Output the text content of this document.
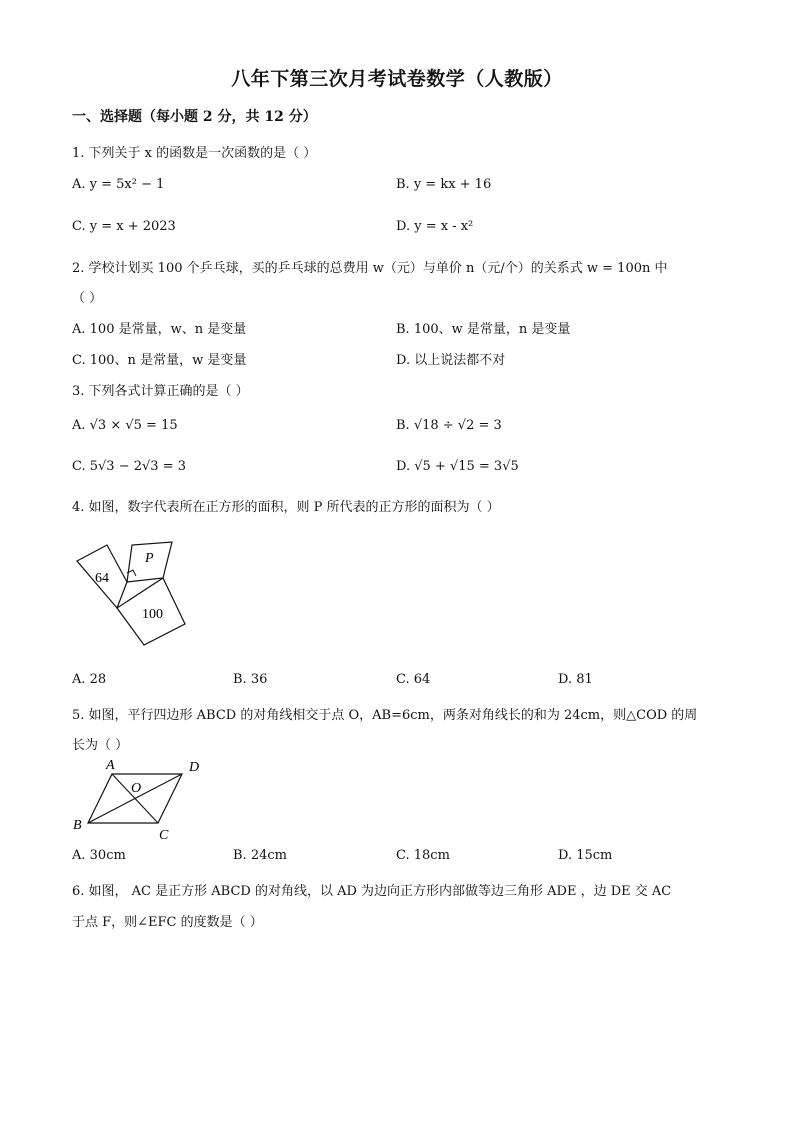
八年下第三次月考试卷数学（人教版）
一、选择题（每小题 2 分，共 12 分）
1. 下列关于 x 的函数是一次函数的是（ ）
A. y = 5x² − 1	B. y = kx + 16
C. y = x + 2023	D. y = x - x²
2. 学校计划买 100 个乒乓球，买的乒乓球的总费用 w（元）与单价 n（元/个）的关系式 w = 100n 中
（ ）
A. 100 是常量，w、n 是变量	B. 100、w 是常量，n 是变量
C. 100、n 是常量，w 是变量	D. 以上说法都不对
3. 下列各式计算正确的是（ ）
A. √3 × √5 = 15	B. √18 ÷ √2 = 3
C. 5√3 − 2√3 = 3	D. √5 + √15 = 3√5
4. 如图，数字代表所在正方形的面积，则 P 所代表的正方形的面积为（ ）
64
P
100
A. 28	B. 36	C. 64	D. 81
5. 如图，平行四边形 ABCD 的对角线相交于点 O，AB=6cm，两条对角线长的和为 24cm，则△COD 的周
长为（ ）
A	D
B
C
O
A. 30cm	B. 24cm	C. 18cm	D. 15cm
6. 如图， AC 是正方形 ABCD 的对角线，以 AD 为边向正方形内部做等边三角形 ADE ，边 DE 交 AC
于点 F，则∠EFC 的度数是（ ）
